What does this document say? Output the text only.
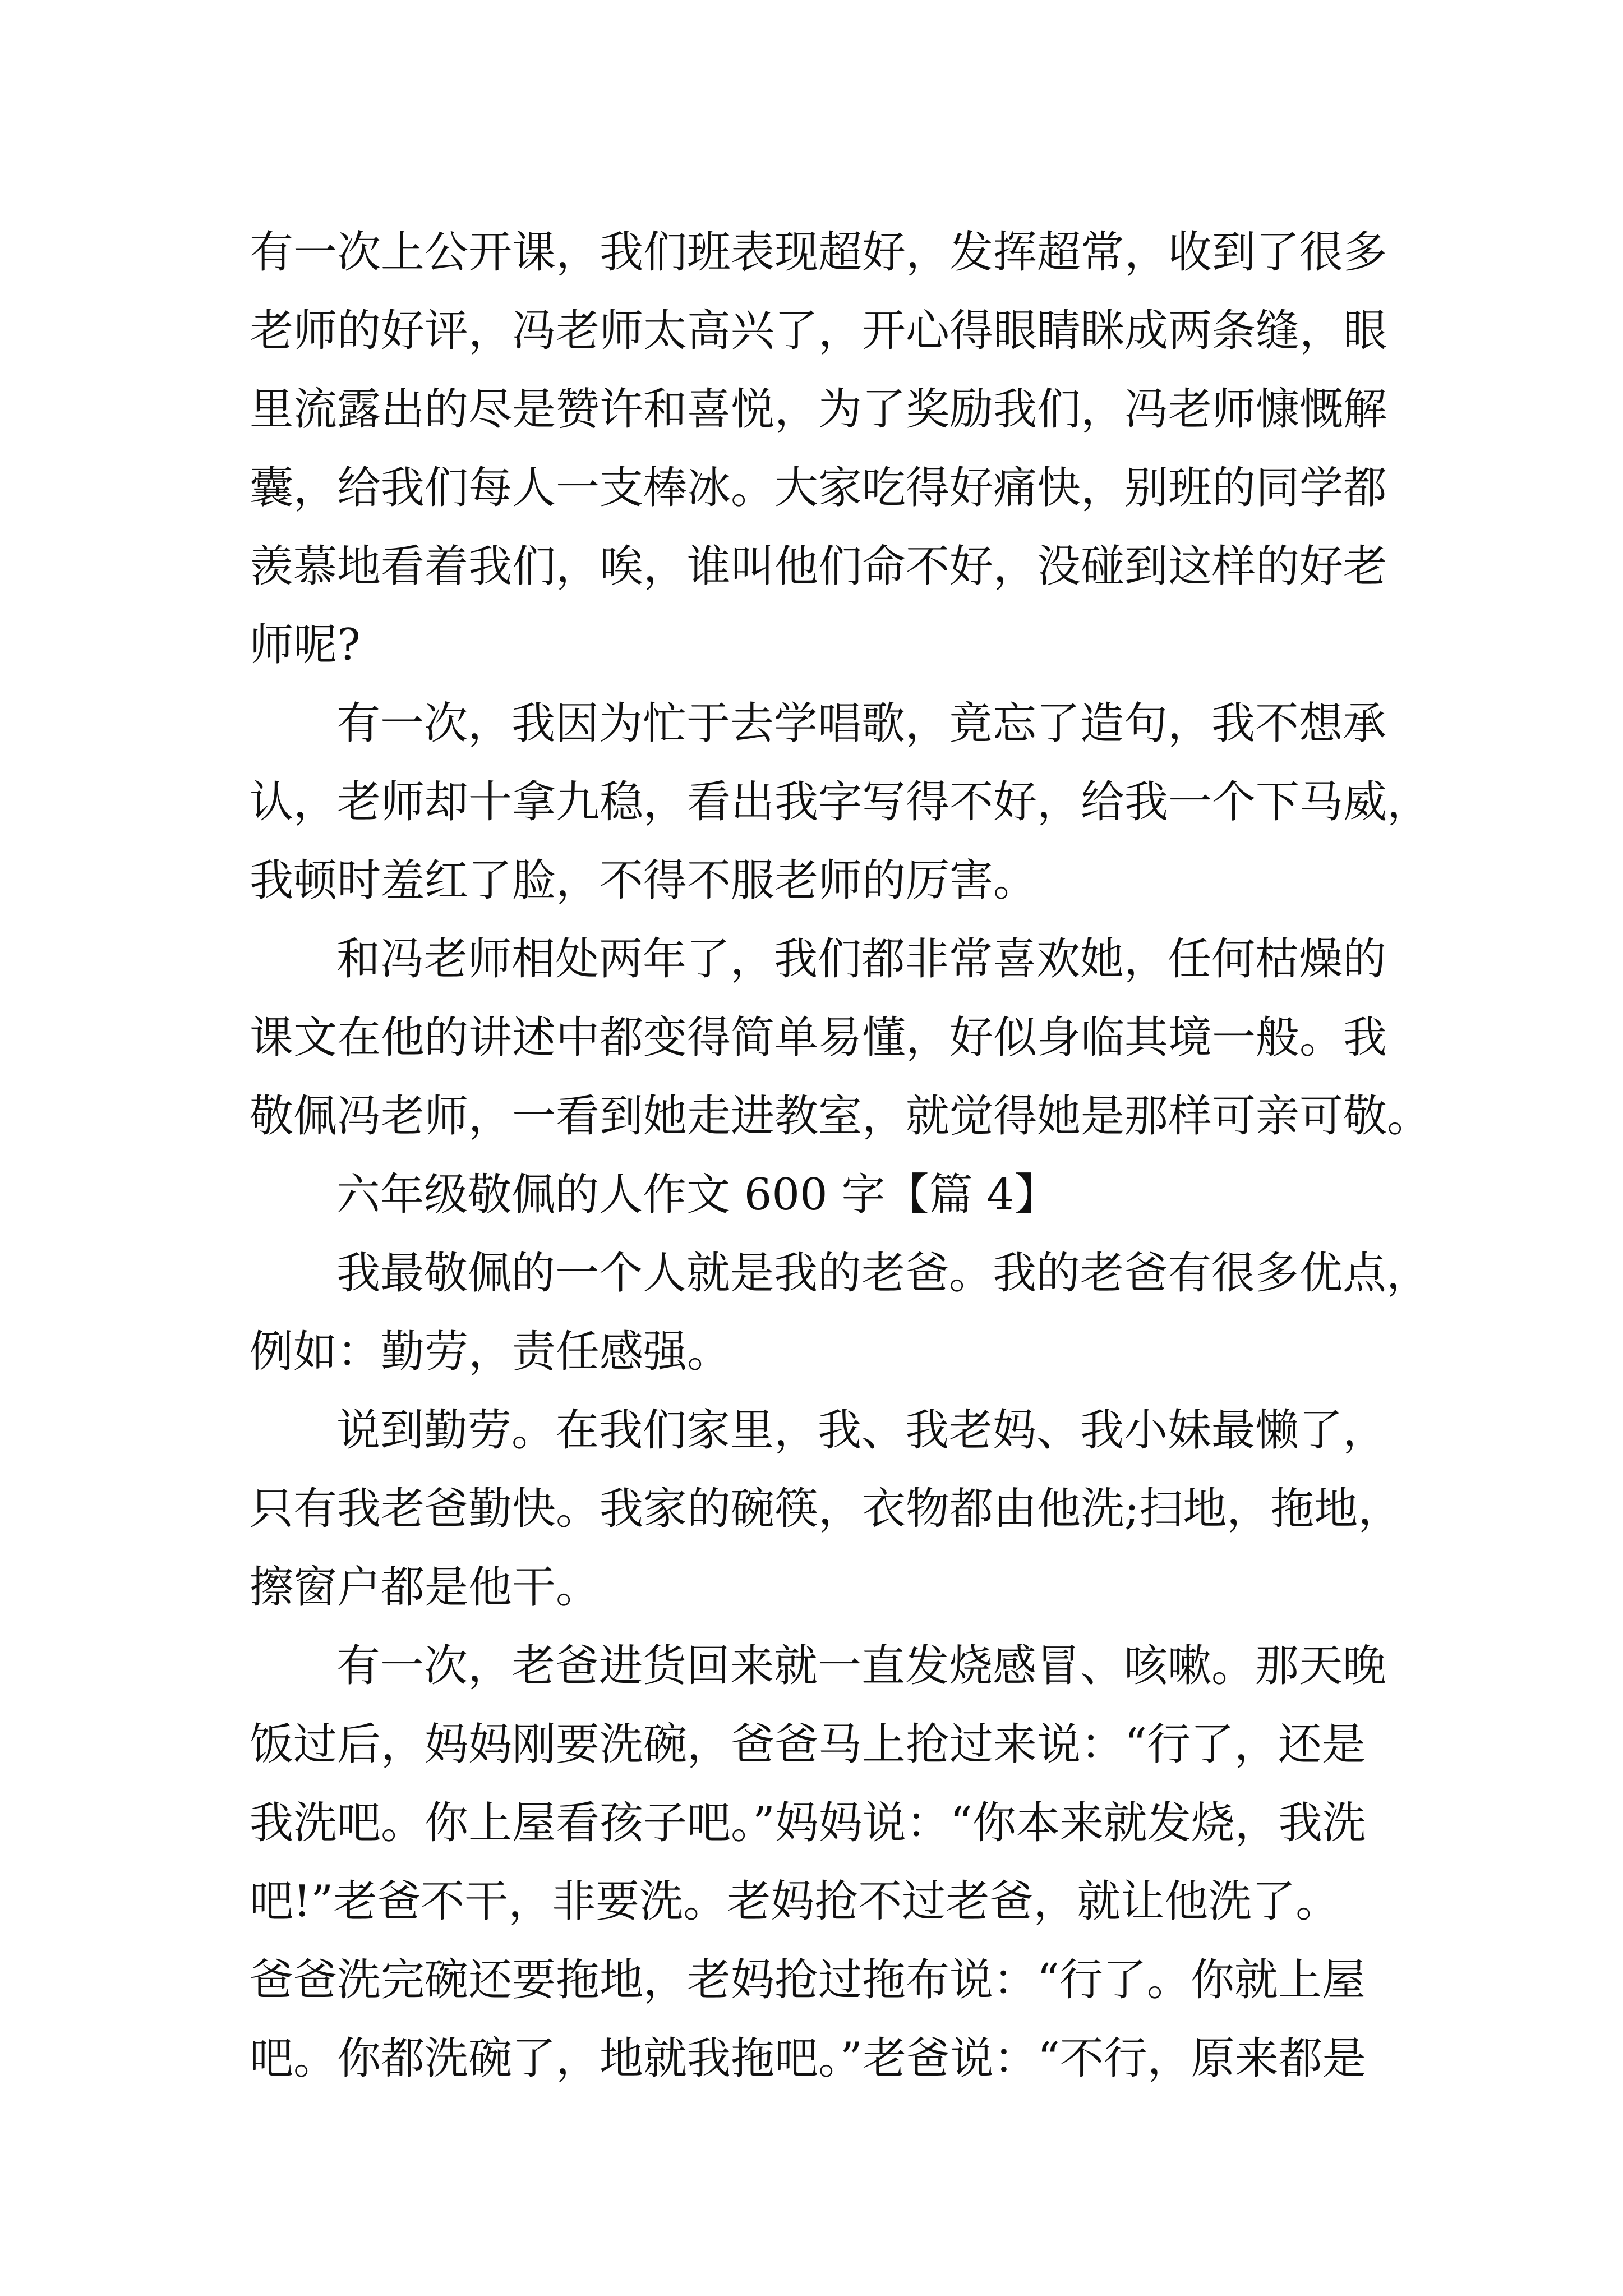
有一次上公开课，我们班表现超好，发挥超常，收到了很多
老师的好评，冯老师太高兴了，开心得眼睛眯成两条缝，眼
里流露出的尽是赞许和喜悦，为了奖励我们，冯老师慷慨解
囊，给我们每人一支棒冰。大家吃得好痛快，别班的同学都
羡慕地看着我们，唉，谁叫他们命不好，没碰到这样的好老
师呢?
有一次，我因为忙于去学唱歌，竟忘了造句，我不想承
认，老师却十拿九稳，看出我字写得不好，给我一个下马威，
我顿时羞红了脸，不得不服老师的厉害。
和冯老师相处两年了，我们都非常喜欢她，任何枯燥的
课文在他的讲述中都变得简单易懂，好似身临其境一般。我
敬佩冯老师，一看到她走进教室，就觉得她是那样可亲可敬。
六年级敬佩的人作文 600 字【篇 4】
我最敬佩的一个人就是我的老爸。我的老爸有很多优点，
例如：勤劳，责任感强。
说到勤劳。在我们家里，我、我老妈、我小妹最懒了，
只有我老爸勤快。我家的碗筷，衣物都由他洗;扫地，拖地，
擦窗户都是他干。
有一次，老爸进货回来就一直发烧感冒、咳嗽。那天晚
饭过后，妈妈刚要洗碗，爸爸马上抢过来说：“行了，还是
我洗吧。你上屋看孩子吧。”妈妈说：“你本来就发烧，我洗
吧!”老爸不干，非要洗。老妈抢不过老爸，就让他洗了。
爸爸洗完碗还要拖地，老妈抢过拖布说：“行了。你就上屋
吧。你都洗碗了，地就我拖吧。”老爸说：“不行，原来都是
